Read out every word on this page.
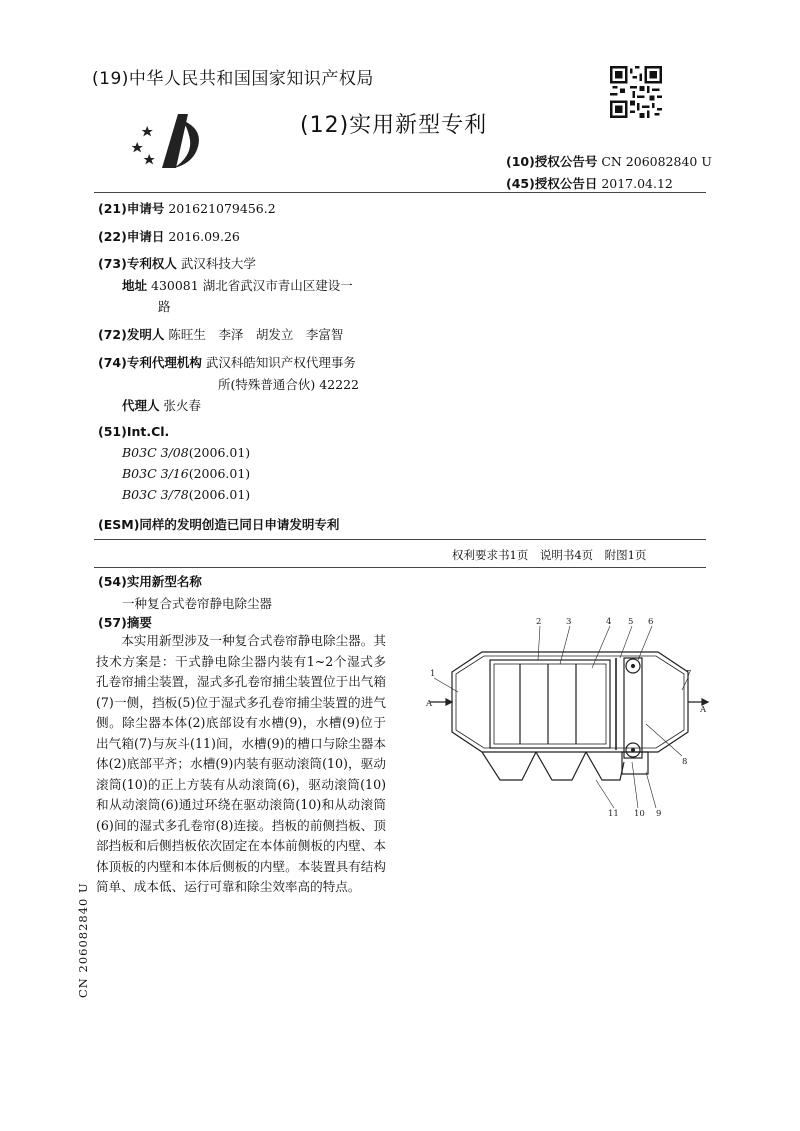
(19)中华人民共和国国家知识产权局
(12)实用新型专利
(10)授权公告号 CN 206082840 U
(45)授权公告日 2017.04.12
(21)申请号 201621079456.2
(22)申请日 2016.09.26
(73)专利权人 武汉科技大学
地址 430081 湖北省武汉市青山区建设一
路
(72)发明人 陈旺生　李泽　胡发立　李富智
(74)专利代理机构 武汉科皓知识产权代理事务
所(特殊普通合伙) 42222
代理人 张火春
(51)Int.Cl.
B03C 3/08(2006.01)
B03C 3/16(2006.01)
B03C 3/78(2006.01)
(ESM)同样的发明创造已同日申请发明专利
权利要求书1页　说明书4页　附图1页
(54)实用新型名称
一种复合式卷帘静电除尘器
(57)摘要
本实用新型涉及一种复合式卷帘静电除尘器。其技术方案是：干式静电除尘器内装有1~2个湿式多孔卷帘捕尘装置，湿式多孔卷帘捕尘装置位于出气箱(7)一侧，挡板(5)位于湿式多孔卷帘捕尘装置的进气侧。除尘器本体(2)底部设有水槽(9)，水槽(9)位于出气箱(7)与灰斗(11)间，水槽(9)的槽口与除尘器本体(2)底部平齐；水槽(9)内装有驱动滚筒(10)，驱动滚筒(10)的正上方装有从动滚筒(6)，驱动滚筒(10)和从动滚筒(6)通过环绕在驱动滚筒(10)和从动滚筒(6)间的湿式多孔卷帘(8)连接。挡板的前侧挡板、顶部挡板和后侧挡板依次固定在本体前侧板的内壁、本体顶板的内壁和本体后侧板的内壁。本装置具有结构简单、成本低、运行可靠和除尘效率高的特点。
CN 206082840 U
1
2	3	4 5 6
7
8
9
10
11
A
A
